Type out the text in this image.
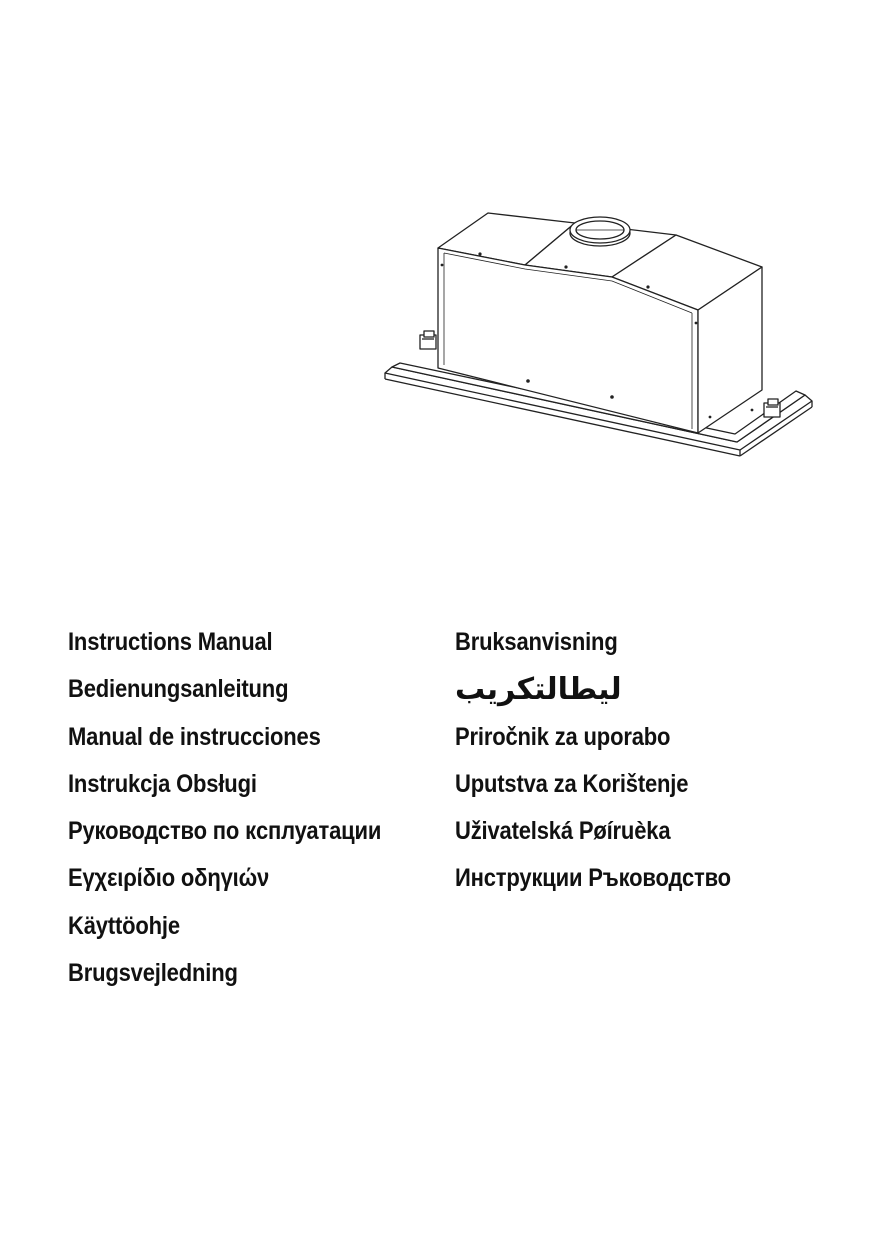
Instructions Manual
Bedienungsanleitung
Manual de instrucciones
Instrukcja Obsługi
Руководство по кcплуатации
Εγχειρίδιο οδηγιών
Käyttöohje
Brugsvejledning
Bruksanvisning
ليطالتكريب
Priročnik za uporabo
Uputstva za Korištenje
Uživatelská Pøíruèka
Инструкции Ръководство
